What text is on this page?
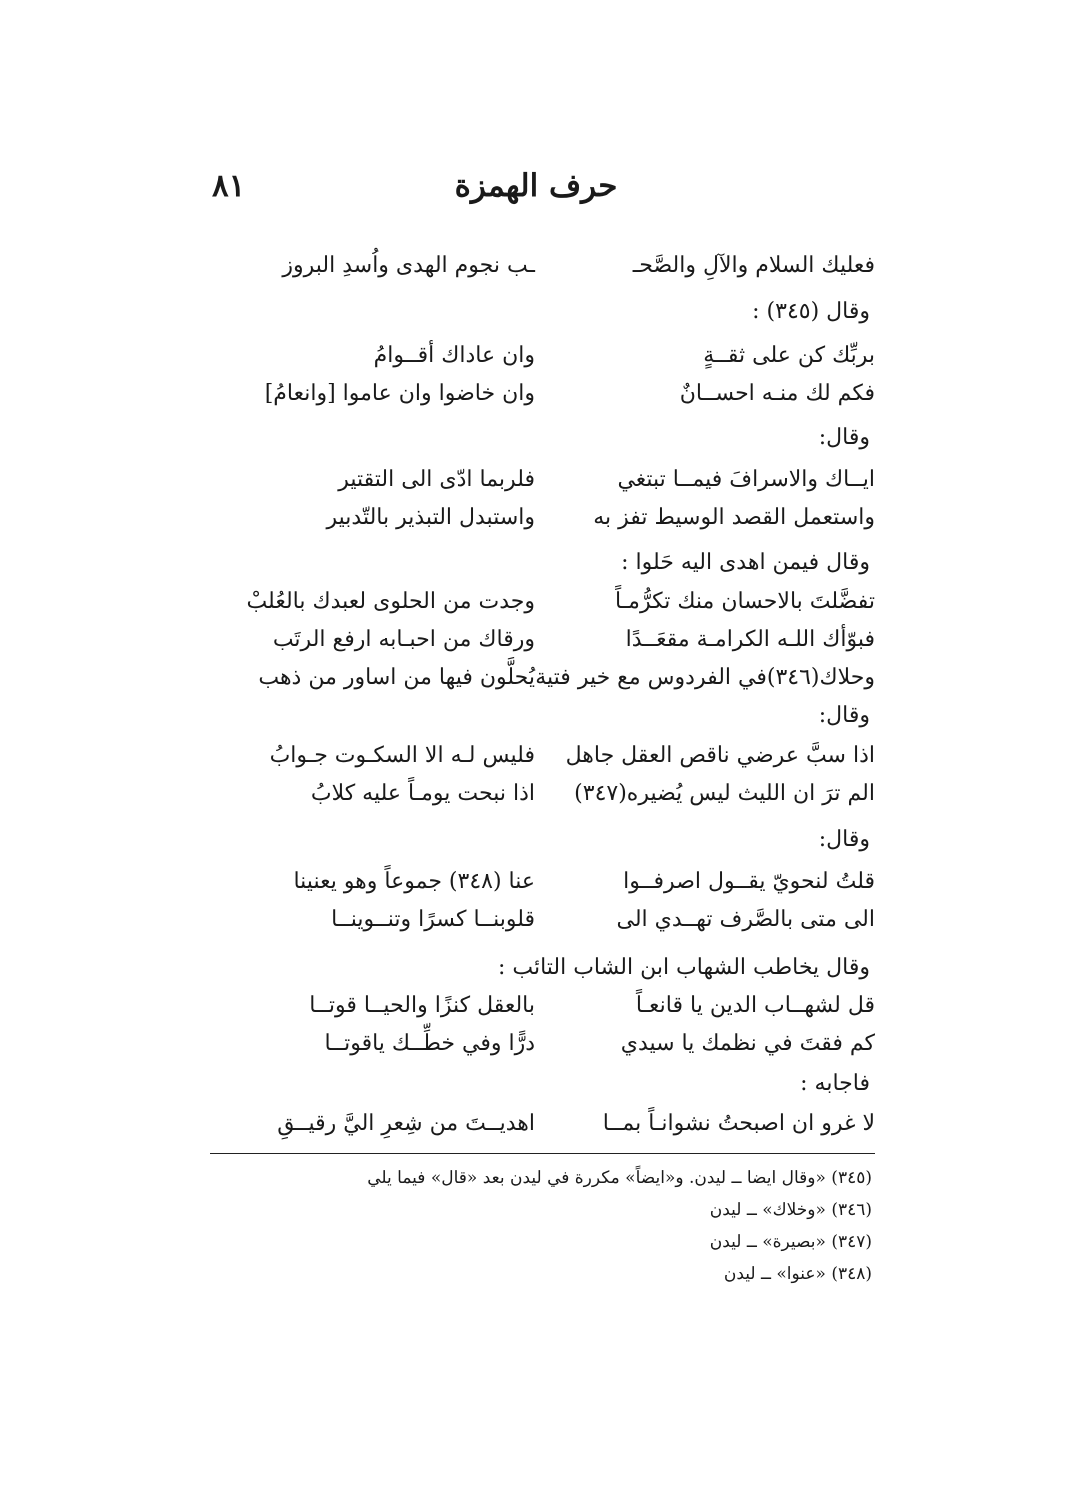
حرف الهمزة
٨١
فعليك السلام والآلِ والصَّحـ
ـب نجوم الهدى واُسدِ البروز
وقال (٣٤٥) :
بربِّك كن على ثقــةٍ
وان عاداك أقــوامُ
فكم لك منـه احســانٌ
وان خاضوا وان عاموا [وانعامُ]
وقال:
ايــاك والاسرافَ فيمــا تبتغي
فلربما ادّى الى التقتير
واستعمل القصد الوسيط تفز به
واستبدل التبذير بالتّدبير
وقال فيمن اهدى اليه حَلوا :
تفضَّلتَ بالاحسان منك تكرُّمـاً
وجدت من الحلوى لعبدك بالعُلبْ
فبوّأك اللـه الكرامـة مقعَــدًا
ورقاك من احبـابه ارفع الرتَب
وحلاك(٣٤٦)في الفردوس مع خير فتية
يُحلَّون فيها من اساور من ذهب
وقال:
اذا سبَّ عرضي ناقص العقل جاهل
فليس لـه الا السكـوت جـوابُ
الم ترَ ان الليث ليس يُضيره(٣٤٧)
اذا نبحت يومـاً عليه كلابُ
وقال:
قلتُ لنحويّ يقــول اصرفــوا
عنا (٣٤٨) جموعاً وهو يعنينا
الى متى بالصَّرف تهــدي الى
قلوبنــا كسرًا وتنــوينــا
وقال يخاطب الشهاب ابن الشاب التائب :
قل لشهــاب الدين يا قانعـاً
بالعقل كنزًا والحيــا قوتــا
كم فقتَ في نظمك يا سيدي
درًّا وفي خطِّــك ياقوتــا
فاجابه :
لا غرو ان اصبحتُ نشوانـاً بمــا
اهديــتَ من شِعرِ اليَّ رقيــقِ
(٣٤٥) «وقال ايضا ــ ليدن. و«ايضاً» مكررة في ليدن بعد «قال» فيما يلي
(٣٤٦) «وخلاك» ــ ليدن
(٣٤٧) «بصيرة» ــ ليدن
(٣٤٨) «عنوا» ــ ليدن
